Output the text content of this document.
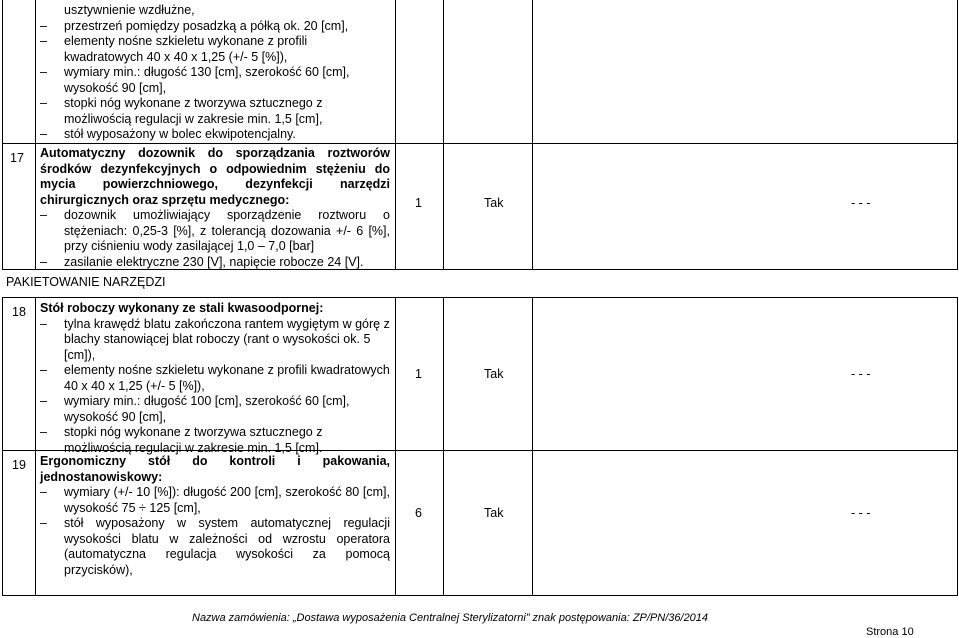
usztywnienie wzdłużne,
– przestrzeń pomiędzy posadzką a półką ok. 20 [cm],
– elementy nośne szkieletu wykonane z profili kwadratowych 40 x 40 x 1,25 (+/- 5 [%]),
– wymiary min.: długość 130 [cm], szerokość 60 [cm], wysokość 90 [cm],
– stopki nóg wykonane z tworzywa sztucznego z możliwością regulacji w zakresie min. 1,5 [cm],
– stół wyposażony w bolec ekwipotencjalny.
17 Automatyczny dozownik do sporządzania roztworów środków dezynfekcyjnych o odpowiednim stężeniu do mycia powierzchniowego, dezynfekcji narzędzi chirurgicznych oraz sprzętu medycznego:
– dozownik umożliwiający sporządzenie roztworu o stężeniach: 0,25-3 [%], z tolerancją dozowania +/- 6 [%], przy ciśnieniu wody zasilającej 1,0 – 7,0 [bar]
– zasilanie elektryczne 230 [V], napięcie robocze 24 [V].
1	Tak	- - -
PAKIETOWANIE NARZĘDZI
18 Stół roboczy wykonany ze stali kwasoodpornej:
– tylna krawędź blatu zakończona rantem wygiętym w górę z blachy stanowiącej blat roboczy (rant o wysokości ok. 5 [cm]),
– elementy nośne szkieletu wykonane z profili kwadratowych 40 x 40 x 1,25 (+/- 5 [%]),
– wymiary min.: długość 100 [cm], szerokość 60 [cm], wysokość 90 [cm],
– stopki nóg wykonane z tworzywa sztucznego z możliwością regulacji w zakresie min. 1,5 [cm].
1	Tak	- - -
19 Ergonomiczny stół do kontroli i pakowania, jednostanowiskowy:
– wymiary (+/- 10 [%]): długość 200 [cm], szerokość 80 [cm], wysokość 75 ÷ 125 [cm],
– stół wyposażony w system automatycznej regulacji wysokości blatu w zależności od wzrostu operatora (automatyczna regulacja wysokości za pomocą przycisków),
6	Tak	- - -
Nazwa zamówienia: „Dostawa wyposażenia Centralnej Sterylizatorni” znak postępowania: ZP/PN/36/2014
Strona 10
